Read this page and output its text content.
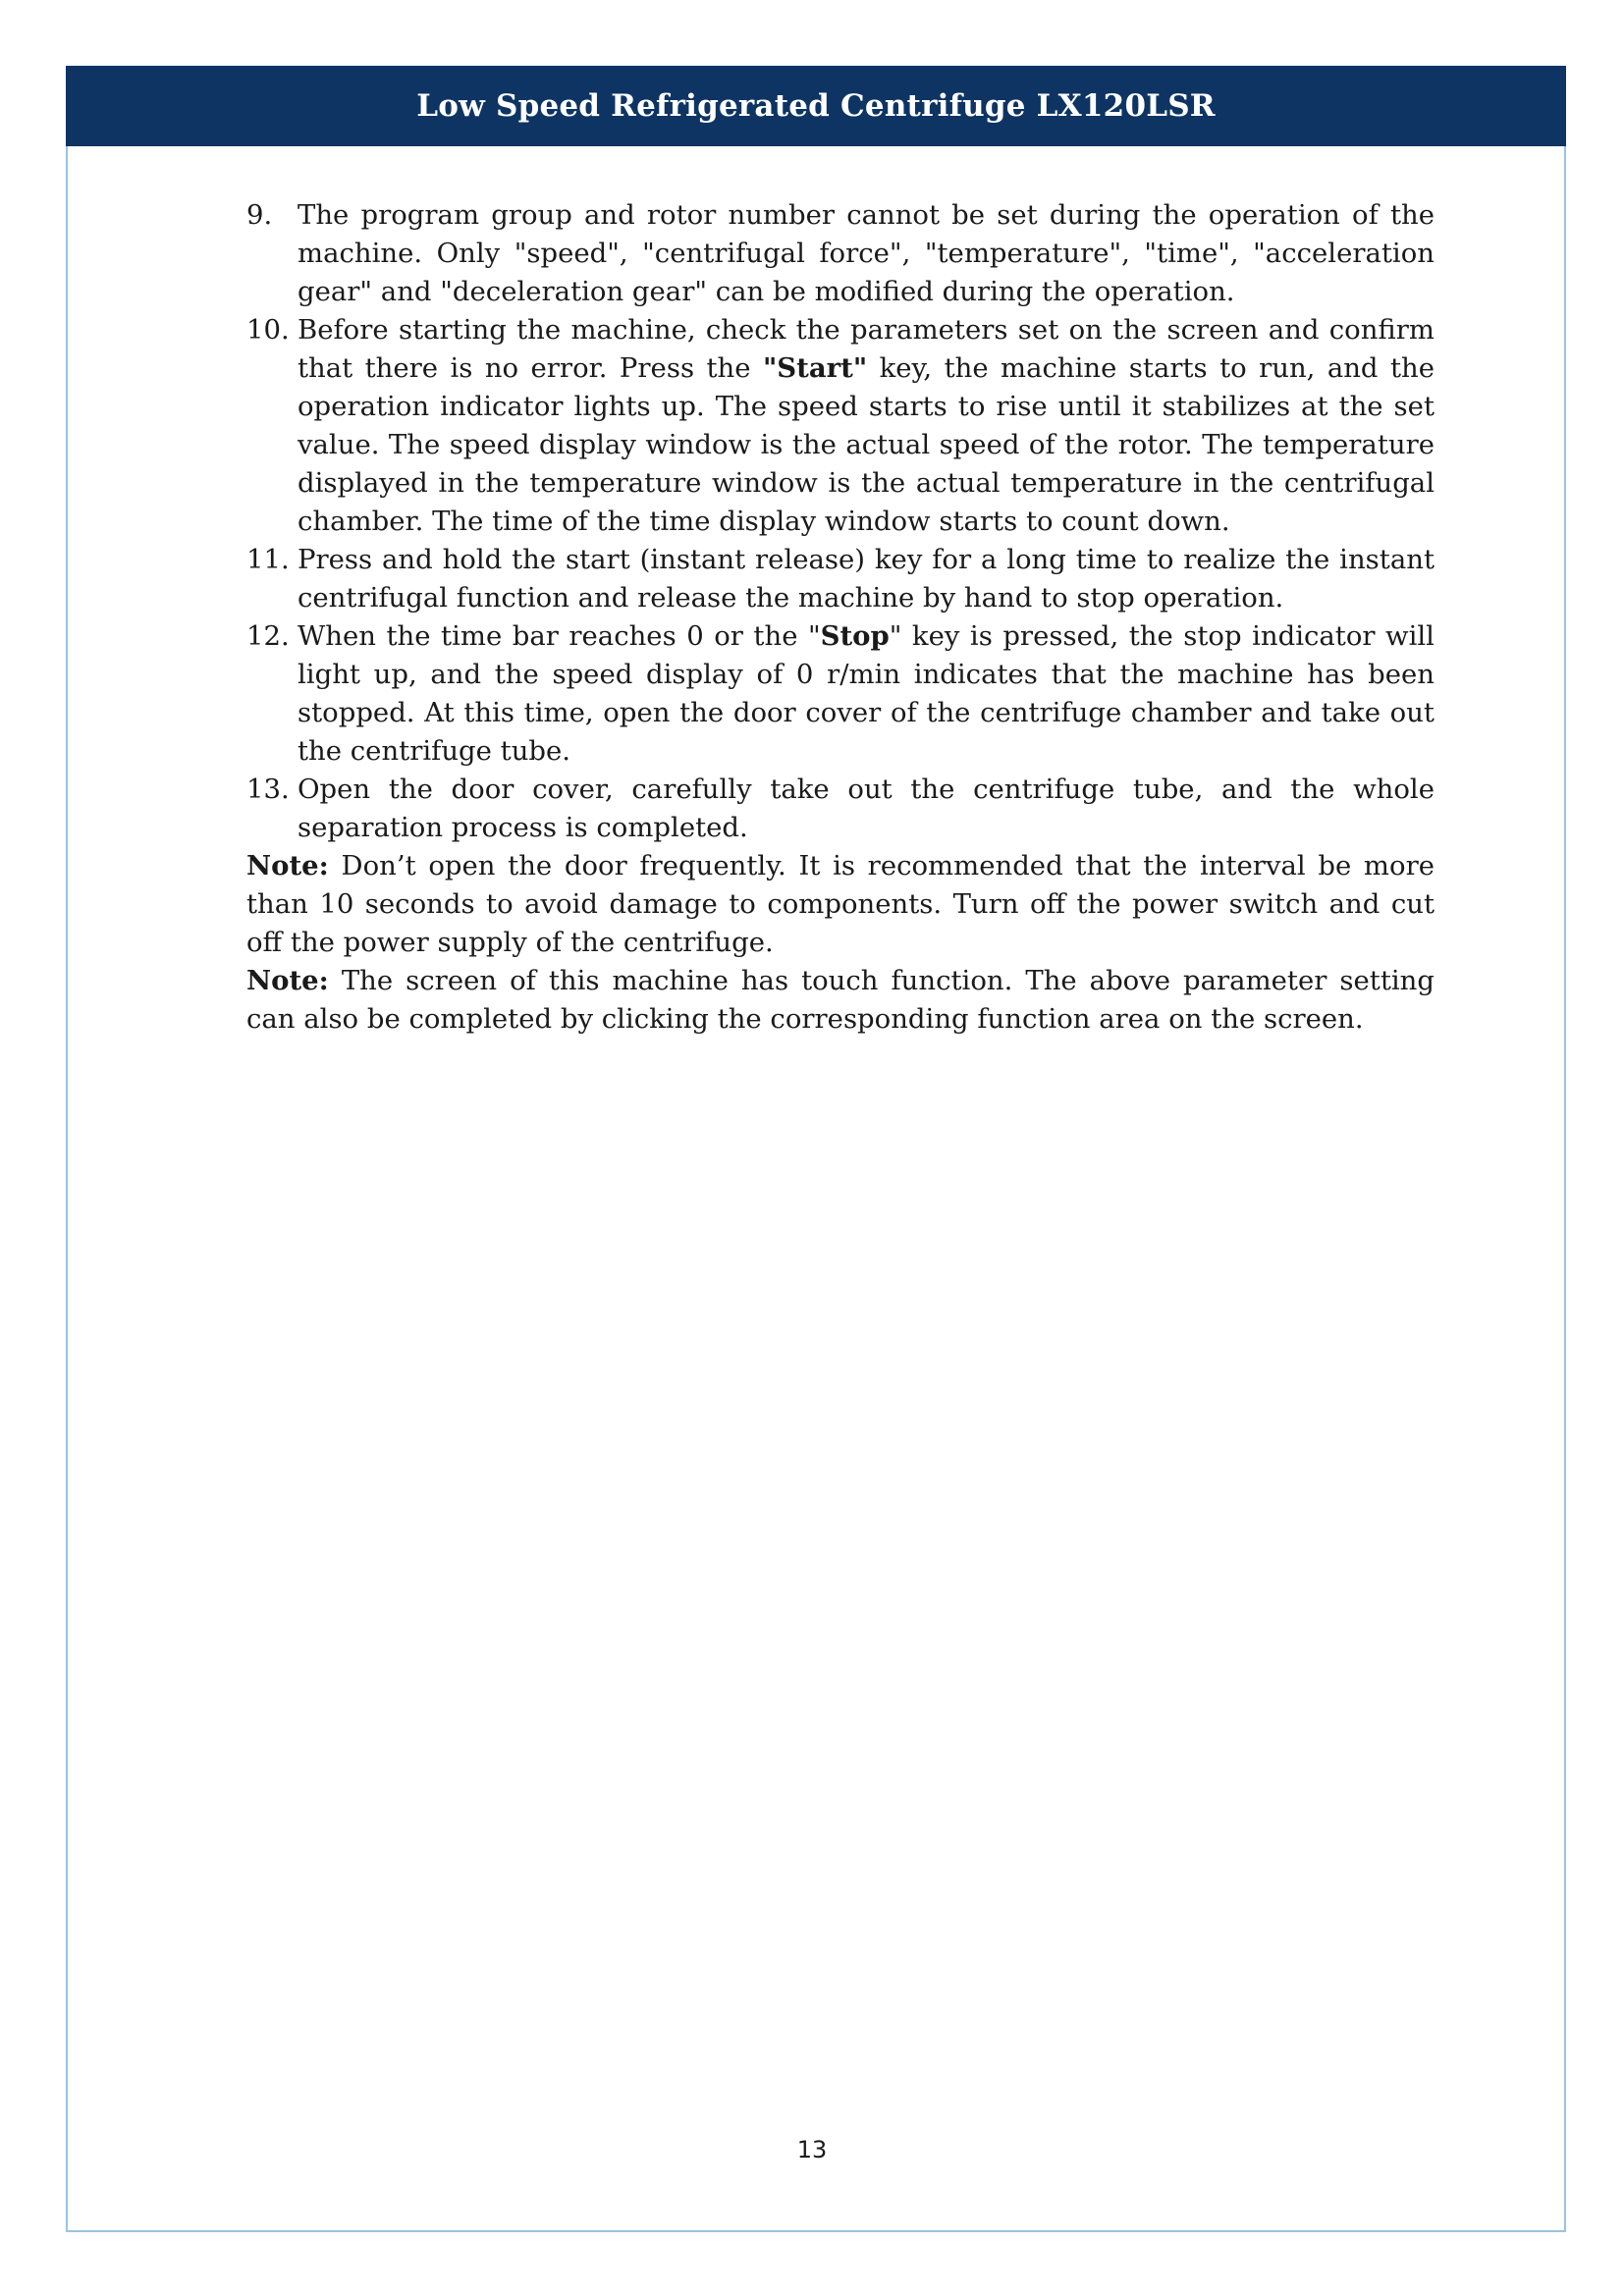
Low Speed Refrigerated Centrifuge LX120LSR
9. The program group and rotor number cannot be set during the operation of the machine. Only "speed", "centrifugal force", "temperature", "time", "acceleration gear" and "deceleration gear" can be modified during the operation.
10. Before starting the machine, check the parameters set on the screen and confirm that there is no error. Press the "Start" key, the machine starts to run, and the operation indicator lights up. The speed starts to rise until it stabilizes at the set value. The speed display window is the actual speed of the rotor. The temperature displayed in the temperature window is the actual temperature in the centrifugal chamber. The time of the time display window starts to count down.
11. Press and hold the start (instant release) key for a long time to realize the instant centrifugal function and release the machine by hand to stop operation.
12. When the time bar reaches 0 or the "Stop" key is pressed, the stop indicator will light up, and the speed display of 0 r/min indicates that the machine has been stopped. At this time, open the door cover of the centrifuge chamber and take out the centrifuge tube.
13. Open the door cover, carefully take out the centrifuge tube, and the whole separation process is completed.
Note: Don’t open the door frequently. It is recommended that the interval be more than 10 seconds to avoid damage to components. Turn off the power switch and cut off the power supply of the centrifuge.
Note: The screen of this machine has touch function. The above parameter setting can also be completed by clicking the corresponding function area on the screen.
13
